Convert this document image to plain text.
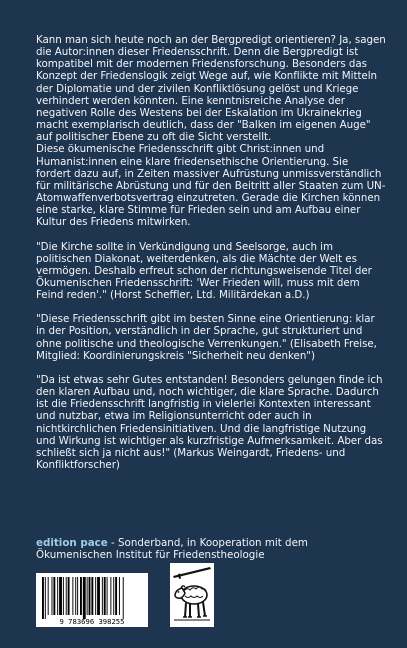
Kann man sich heute noch an der Bergpredigt orientieren? Ja, sagen die Autor:innen dieser Friedensschrift. Denn die Bergpredigt ist kompatibel mit der modernen Friedensforschung. Besonders das Konzept der Friedenslogik zeigt Wege auf, wie Konflikte mit Mitteln der Diplomatie und der zivilen Konfliktlösung gelöst und Kriege verhindert werden könnten. Eine kenntnisreiche Analyse der negativen Rolle des Westens bei der Eskalation im Ukrainekrieg macht exemplarisch deutlich, dass der "Balken im eigenen Auge" auf politischer Ebene zu oft die Sicht verstellt.

Diese ökumenische Friedensschrift gibt Christ:innen und Humanist:innen eine klare friedensethische Orientierung. Sie fordert dazu auf, in Zeiten massiver Aufrüstung unmissverständlich für militärische Abrüstung und für den Beitritt aller Staaten zum UN-Atomwaffenverbotsvertrag einzutreten. Gerade die Kirchen können eine starke, klare Stimme für Frieden sein und am Aufbau einer Kultur des Friedens mitwirken.

"Die Kirche sollte in Verkündigung und Seelsorge, auch im politischen Diakonat, weiterdenken, als die Mächte der Welt es vermögen. Deshalb erfreut schon der richtungsweisende Titel der Ökumenischen Friedensschrift: 'Wer Frieden will, muss mit dem Feind reden'." (Horst Scheffler, Ltd. Militärdekan a.D.)

"Diese Friedensschrift gibt im besten Sinne eine Orientierung: klar in der Position, verständlich in der Sprache, gut strukturiert und ohne politische und theologische Verrenkungen." (Elisabeth Freise, Mitglied: Koordinierungskreis "Sicherheit neu denken")

"Da ist etwas sehr Gutes entstanden! Besonders gelungen finde ich den klaren Aufbau und, noch wichtiger, die klare Sprache. Dadurch ist die Friedensschrift langfristig in vielerlei Kontexten interessant und nutzbar, etwa im Religionsunterricht oder auch in nichtkirchlichen Friedensinitiativen. Und die langfristige Nutzung und Wirkung ist wichtiger als kurzfristige Aufmerksamkeit. Aber das schließt sich ja nicht aus!" (Markus Weingardt, Friedens- und Konfliktforscher)

edition pace - Sonderband, in Kooperation mit dem Ökumenischen Institut für Friedenstheologie
9 783696 398255
